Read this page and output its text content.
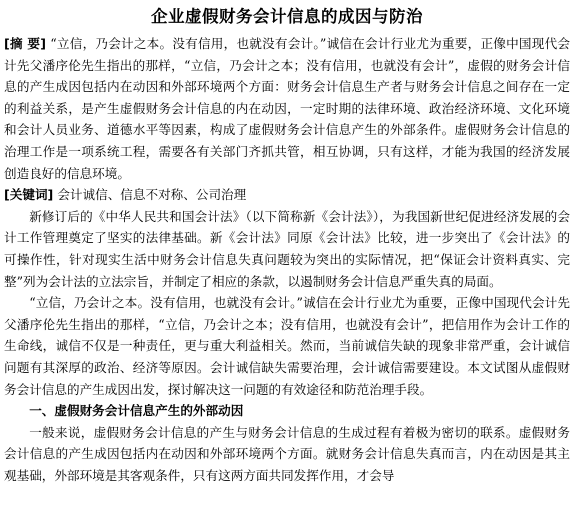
企业虚假财务会计信息的成因与防治

[摘 要] “立信，乃会计之本。没有信用，也就没有会计。”诚信在会计行业尤为重要，正像中国现代会计先父潘序伦先生指出的那样，“立信，乃会计之本；没有信用，也就没有会计”，虚假的财务会计信息的产生成因包括内在动因和外部环境两个方面：财务会计信息生产者与财务会计信息之间存在一定的利益关系，是产生虚假财务会计信息的内在动因，一定时期的法律环境、政治经济环境、文化环境和会计人员业务、道德水平等因素，构成了虚假财务会计信息产生的外部条件。虚假财务会计信息的治理工作是一项系统工程，需要各有关部门齐抓共管，相互协调，只有这样，才能为我国的经济发展创造良好的信息环境。

[关键词] 会计诚信、信息不对称、公司治理

新修订后的《中华人民共和国会计法》（以下简称新《会计法》），为我国新世纪促进经济发展的会计工作管理奠定了坚实的法律基础。新《会计法》同原《会计法》比较，进一步突出了《会计法》的可操作性，针对现实生活中财务会计信息失真问题较为突出的实际情况，把“保证会计资料真实、完整”列为会计法的立法宗旨，并制定了相应的条款，以遏制财务会计信息严重失真的局面。

“立信，乃会计之本。没有信用，也就没有会计。”诚信在会计行业尤为重要，正像中国现代会计先父潘序伦先生指出的那样，“立信，乃会计之本；没有信用，也就没有会计”，把信用作为会计工作的生命线，诚信不仅是一种责任，更与重大利益相关。然而，当前诚信失缺的现象非常严重，会计诚信问题有其深厚的政治、经济等原因。会计诚信缺失需要治理，会计诚信需要建设。本文试图从虚假财务会计信息的产生成因出发，探讨解决这一问题的有效途径和防范治理手段。

一、虚假财务会计信息产生的外部动因

一般来说，虚假财务会计信息的产生与财务会计信息的生成过程有着极为密切的联系。虚假财务会计信息的产生成因包括内在动因和外部环境两个方面。就财务会计信息失真而言，内在动因是其主观基础，外部环境是其客观条件，只有这两方面共同发挥作用，才会导
